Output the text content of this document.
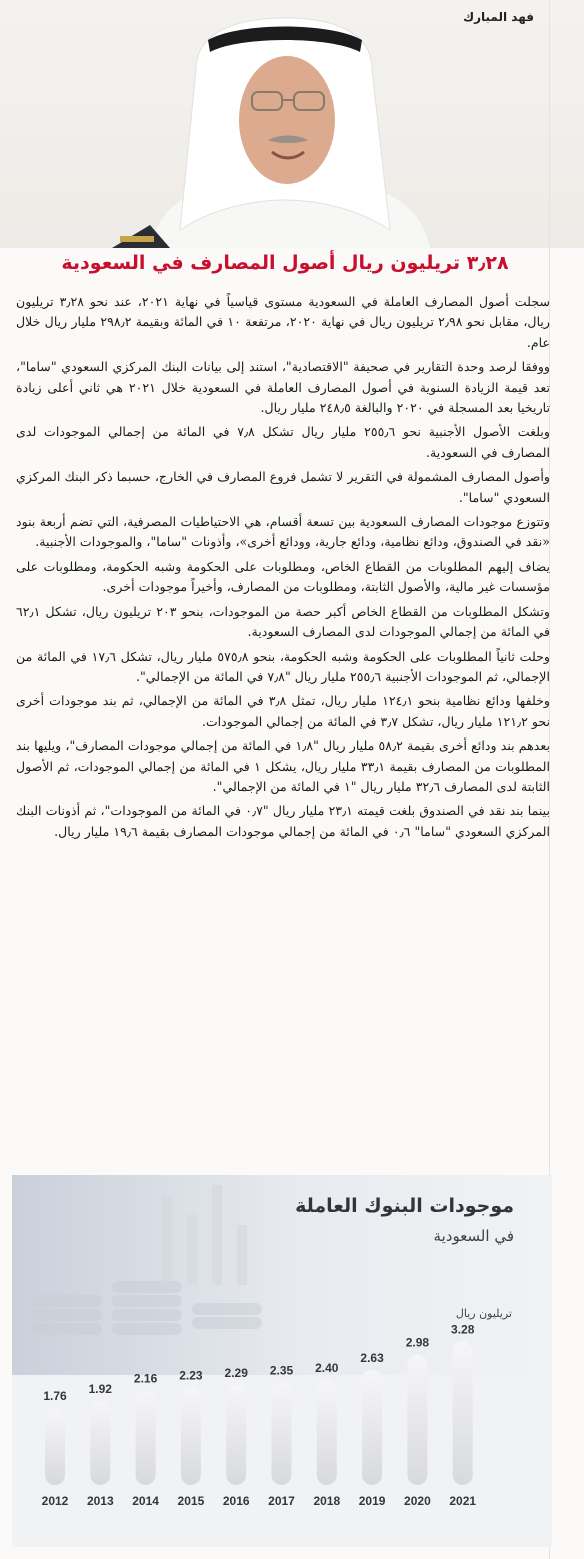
فهد المبارك
٣٫٢٨ تريليون ريال أصول المصارف في السعودية

سجلت أصول المصارف العاملة في السعودية مستوى قياسياً في نهاية ٢٠٢١، عند نحو ٣٫٢٨ تريليون ريال، مقابل نحو ٢٫٩٨ تريليون ريال في نهاية ٢٠٢٠، مرتفعة ١٠ في المائة وبقيمة ٢٩٨٫٢ مليار ريال خلال عام.

ووفقا لرصد وحدة التقارير في صحيفة "الاقتصادية"، استند إلى بيانات البنك المركزي السعودي "ساما"، تعد قيمة الزيادة السنوية في أصول المصارف العاملة في السعودية خلال ٢٠٢١ هي ثاني أعلى زيادة تاريخيا بعد المسجلة في ٢٠٢٠ والبالغة ٢٤٨٫٥ مليار ريال.

وبلغت الأصول الأجنبية نحو ٢٥٥٫٦ مليار ريال تشكل ٧٫٨ في المائة من إجمالي الموجودات لدى المصارف في السعودية.

وأصول المصارف المشمولة في التقرير لا تشمل فروع المصارف في الخارج، حسبما ذكر البنك المركزي السعودي "ساما".

وتتوزع موجودات المصارف السعودية بين تسعة أقسام، هي الاحتياطيات المصرفية، التي تضم أربعة بنود «نقد في الصندوق، ودائع نظامية، ودائع جارية، وودائع أخرى»، وأذونات "ساما"، والموجودات الأجنبية.

يضاف إليهم المطلوبات من القطاع الخاص، ومطلوبات على الحكومة وشبه الحكومة، ومطلوبات على مؤسسات غير مالية، والأصول الثابتة، ومطلوبات من المصارف، وأخيراً موجودات أخرى.

وتشكل المطلوبات من القطاع الخاص أكبر حصة من الموجودات، بنحو ٢٠٣ تريليون ريال، تشكل ٦٢٫١ في المائة من إجمالي الموجودات لدى المصارف السعودية.

وحلت ثانياً المطلوبات على الحكومة وشبه الحكومة، بنحو ٥٧٥٫٨ مليار ريال، تشكل ١٧٫٦ في المائة من الإجمالي، ثم الموجودات الأجنبية ٢٥٥٫٦ مليار ريال "٧٫٨ في المائة من الإجمالي".

وخلفها ودائع نظامية بنحو ١٢٤٫١ مليار ريال، تمثل ٣٫٨ في المائة من الإجمالي، ثم بند موجودات أخرى نحو ١٢١٫٢ مليار ريال، تشكل ٣٫٧ في المائة من إجمالي الموجودات.

بعدهم بند ودائع أخرى بقيمة ٥٨٫٢ مليار ريال "١٫٨ في المائة من إجمالي موجودات المصارف"، ويليها بند المطلوبات من المصارف بقيمة ٣٣٫١ مليار ريال، يشكل ١ في المائة من إجمالي الموجودات، ثم الأصول الثابتة لدى المصارف ٣٢٫٦ مليار ريال "١ في المائة من الإجمالي".

بينما بند نقد في الصندوق بلغت قيمته ٢٣٫١ مليار ريال "٠٫٧ في المائة من الموجودات"، ثم أذونات البنك المركزي السعودي "ساما" ٠٫٦ في المائة من إجمالي موجودات المصارف بقيمة ١٩٫٦ مليار ريال.

موجودات البنوك العاملة
في السعودية
تريليون ريال
1.76 1.92
2.16 2.23 2.29 2.35 2.40
2.63
2.98
3.28
2012 2013 2014 2015 2016 2017 2018 2019 2020 2021
